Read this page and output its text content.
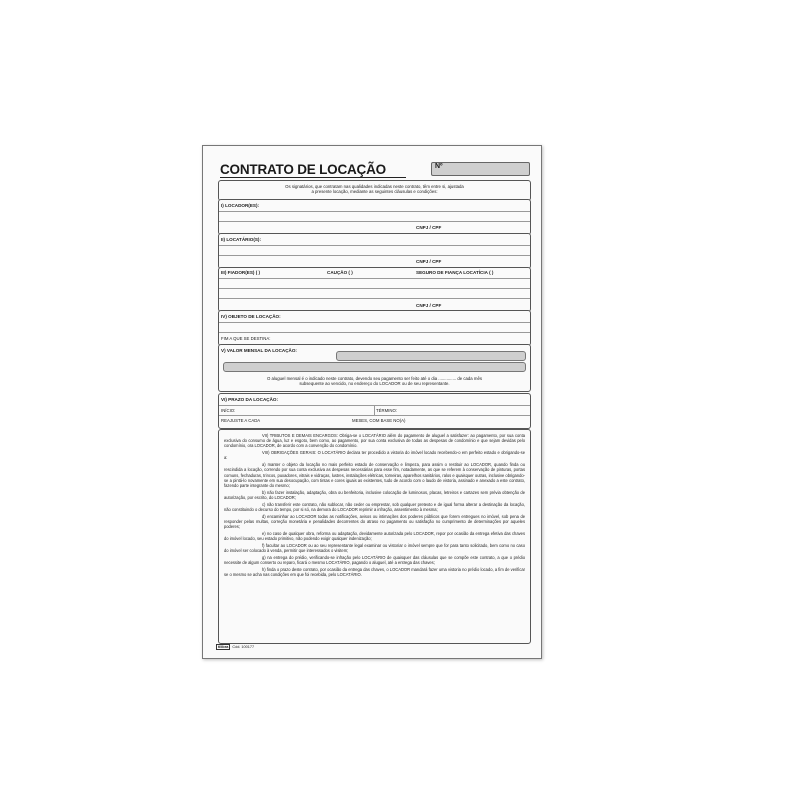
CONTRATO DE LOCAÇÃO	Nº
Os signatários, que contratam nas qualidades indicadas neste contrato, têm entre si, ajustada
a presente locação, mediante as seguintes cláusulas e condições:
I) LOCADOR(ES):
CNPJ / CPF
II) LOCATÁRIO(S):
CNPJ / CPF
III) FIADOR(ES) ( )	CAUÇÃO ( )	SEGURO DE FIANÇA LOCATÍCIA ( )
CNPJ / CPF
IV) OBJETO DE LOCAÇÃO:
FIM A QUE SE DESTINA:
V) VALOR MENSAL DA LOCAÇÃO:
O aluguel mensal é o indicado neste contrato, devendo seu pagamento ser feito até o dia ............... de cada mês
subsequente ao vencido, no endereço do LOCADOR ou de seu representante.
VI) PRAZO DA LOCAÇÃO:
INÍCIO:	TÉRMINO:
REAJUSTE A CADA	MESES, COM BASE NO(A)

VII) TRIBUTOS E DEMAIS ENCARGOS: Obriga-se o LOCATÁRIO além do pagamento de aluguel a satisfazer: ao pagamento, por sua conta exclusiva do consumo de água, luz e esgoto, bem como, ao pagamento, por sua conta exclusiva de todas as despesas de condomínio e que sejam devidas pelo condomínio, ora LOCADOR, de acordo com a convenção do condomínio.

VIII) OBRIGAÇÕES GERAIS: O LOCATÁRIO declara ter procedido a vistoria do imóvel locado recebendo-o em perfeito estado e obrigando-se a:

a) manter o objeto da locação no mais perfeito estado de conservação e limpeza, para assim o restituir ao LOCADOR, quando finda ou rescindida a locação, correndo por sua conta exclusiva as despesas necessárias para esse fim, notadamente, as que se referem à conservação de pinturas, portas comuns, fechaduras, trincos, puxadores, vitrais e vidraças, lustres, instalações elétricas, torneiras, aparelhos sanitários, ralos e quaisquer outras, inclusive obrigando-se a pintá-lo novamente em sua desocupação, com tintas e cores iguais as existentes, tudo de acordo com o laudo de vistoria, assinado e anexado a este contrato, fazendo parte integrante do mesmo;

b) não fazer instalação, adaptação, obra ou benfeitoria, inclusive colocação de luminosos, placas, letreiros e cartazes sem prévia obtenção de autorização, por escrito, do LOCADOR;

c) não transferir este contrato, não sublocar, não ceder ou emprestar, sob qualquer pretexto e de igual forma alterar a destinação da locação, não constituindo o decurso do tempo, por si só, na demora do LOCADOR reprimir a infração, assentimento à mesma;

d) encaminhar ao LOCADOR todas as notificações, avisos ou intimações dos poderes públicos que forem entregues no imóvel, sob pena de responder pelas multas, correção monetária e penalidades decorrentes do atraso no pagamento ou satisfação no cumprimento de determinações por aqueles poderes;

e) no caso de qualquer obra, reforma ou adaptação, devidamente autorizada pelo LOCADOR, repor por ocasião da entrega efetiva das chaves do imóvel locado, seu estado primitivo, não podendo exigir qualquer indenização;

f) facultar ao LOCADOR ou ao seu representante legal examinar ou vistoriar o imóvel sempre que for para tanto solicitado, bem como no caso do imóvel ser colocado à venda, permitir que interessados o visitem;

g) na entrega do prédio, verificando-se infração pelo LOCATÁRIO de quaisquer das cláusulas que se compõe este contrato, a que o prédio necessite de algum conserto ou reparo, ficará o mesmo LOCATÁRIO, pagando o aluguel, até a entrega das chaves;

h) finda o prazo deste contrato, por ocasião da entrega das chaves, o LOCADOR mandará fazer uma vistoria no prédio locado, a fim de verificar se o mesmo se acha nas condições em que foi recebida, pelo LOCATÁRIO.

tilibra Cód. 100177
